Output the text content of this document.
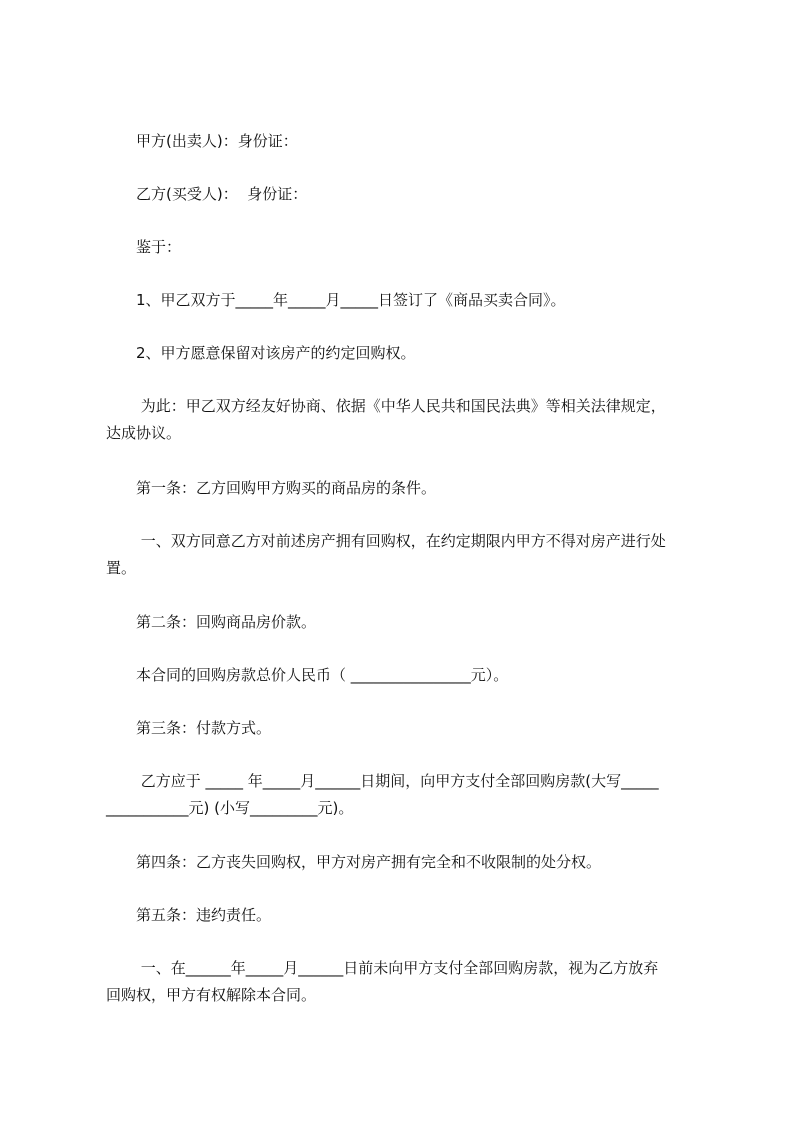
甲方(出卖人)：身份证：
乙方(买受人)：  身份证：
鉴于：
1、甲乙双方于_____年_____月_____日签订了《商品买卖合同》。
2、甲方愿意保留对该房产的约定回购权。
为此：甲乙双方经友好协商、依据《中华人民共和国民法典》等相关法律规定，
达成协议。
第一条：乙方回购甲方购买的商品房的条件。
一、双方同意乙方对前述房产拥有回购权，在约定期限内甲方不得对房产进行处
置。
第二条：回购商品房价款。
本合同的回购房款总价人民币（ ________________元）。
第三条：付款方式。
乙方应于 _____ 年_____月______日期间，向甲方支付全部回购房款(大写_____
___________元) (小写_________元)。
第四条：乙方丧失回购权，甲方对房产拥有完全和不收限制的处分权。
第五条：违约责任。
一、在______年_____月______日前未向甲方支付全部回购房款，视为乙方放弃
回购权，甲方有权解除本合同。
